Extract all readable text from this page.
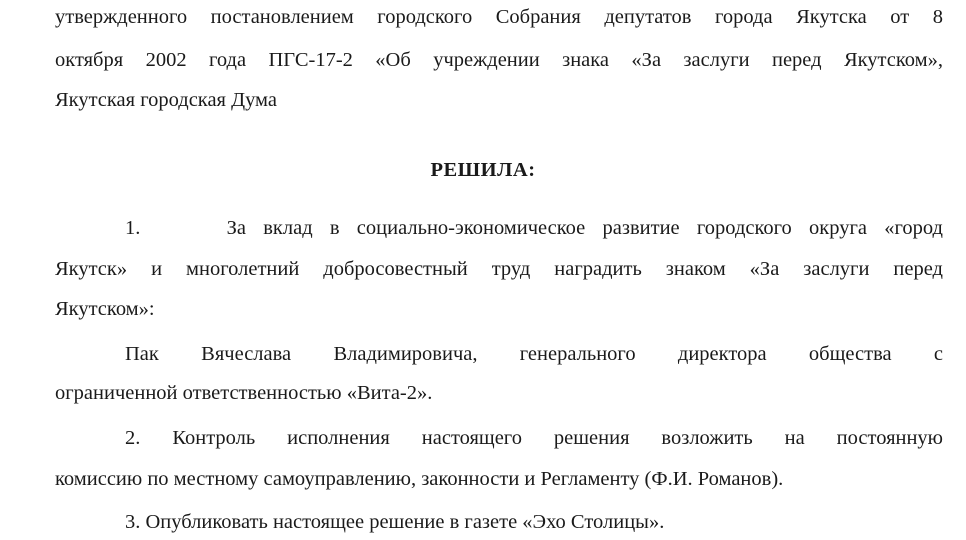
утвержденного постановлением городского Собрания депутатов города Якутска от 8
октября 2002 года ПГС-17-2 «Об учреждении знака «За заслуги перед Якутском»,
Якутская городская Дума
РЕШИЛА:
1.     За вклад в социально-экономическое развитие городского округа «город
Якутск» и многолетний добросовестный труд наградить знаком «За заслуги перед
Якутском»:
Пак Вячеслава Владимировича, генерального директора общества с
ограниченной ответственностью «Вита-2».
2. Контроль исполнения настоящего решения возложить на постоянную
комиссию по местному самоуправлению, законности и Регламенту (Ф.И. Романов).
3. Опубликовать настоящее решение в газете «Эхо Столицы».
